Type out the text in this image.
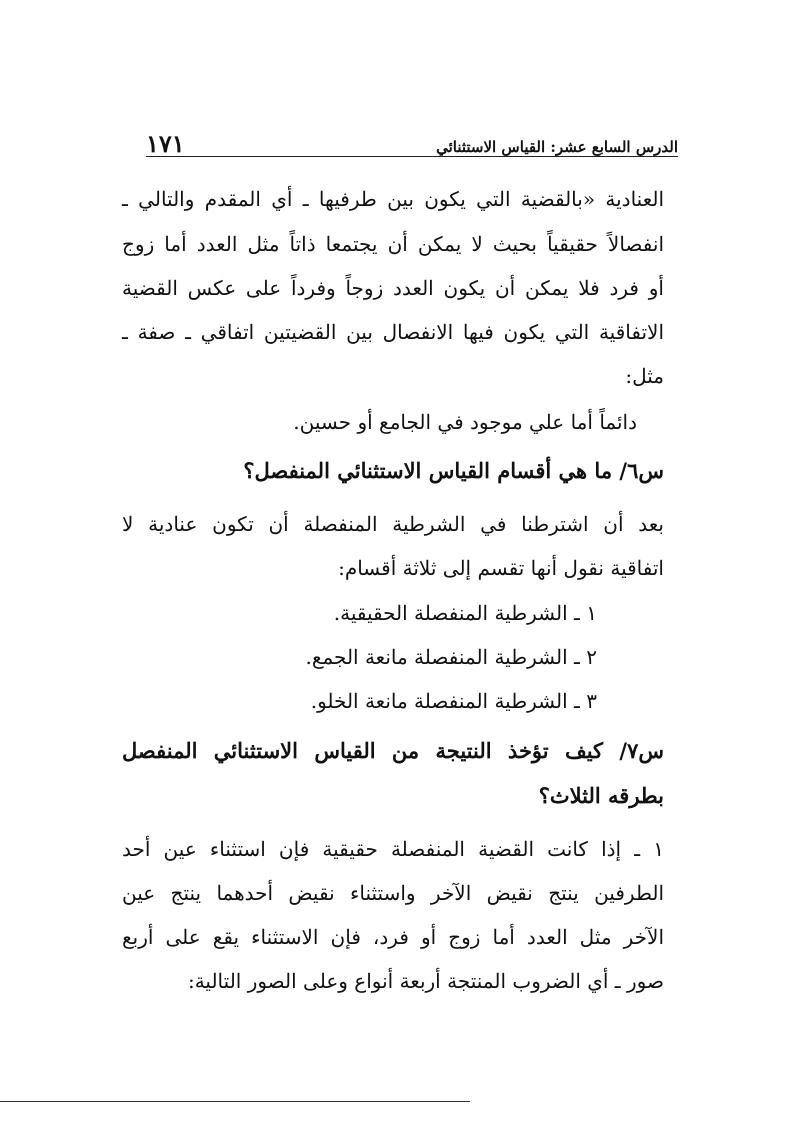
الدرس السابع عشر: القياس الاستثنائي
١٧١
العنادية «بالقضية التي يكون بين طرفيها ـ أي المقدم والتالي ـ
انفصالاً حقيقياً بحيث لا يمكن أن يجتمعا ذاتاً مثل العدد أما زوج
أو فرد فلا يمكن أن يكون العدد زوجاً وفرداً على عكس القضية
الاتفاقية التي يكون فيها الانفصال بين القضيتين اتفاقي ـ صفة ـ
مثل:
دائماً أما علي موجود في الجامع أو حسين.
س٦/ ما هي أقسام القياس الاستثنائي المنفصل؟
بعد أن اشترطنا في الشرطية المنفصلة أن تكون عنادية لا
اتفاقية نقول أنها تقسم إلى ثلاثة أقسام:
١ ـ الشرطية المنفصلة الحقيقية.
٢ ـ الشرطية المنفصلة مانعة الجمع.
٣ ـ الشرطية المنفصلة مانعة الخلو.
س٧/ كيف تؤخذ النتيجة من القياس الاستثنائي المنفصل
بطرقه الثلاث؟
١ ـ إذا كانت القضية المنفصلة حقيقية فإن استثناء عين أحد
الطرفين ينتج نقيض الآخر واستثناء نقيض أحدهما ينتج عين
الآخر مثل العدد أما زوج أو فرد، فإن الاستثناء يقع على أربع
صور ـ أي الضروب المنتجة أربعة أنواع وعلى الصور التالية:
